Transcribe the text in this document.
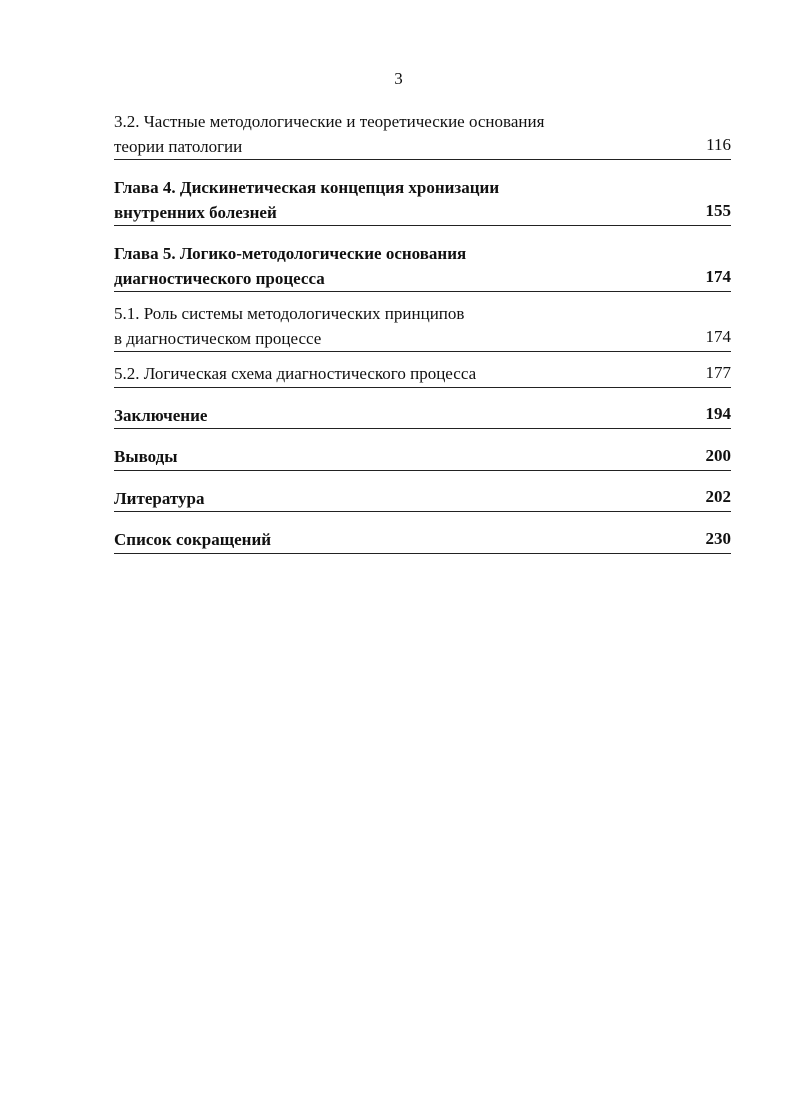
3
3.2. Частные методологические и теоретические основания
теории патологии	116
Глава 4. Дискинетическая концепция хронизации
внутренних болезней	155
Глава 5. Логико-методологические основания
диагностического процесса	174
5.1. Роль системы методологических принципов
в диагностическом процессе	174
5.2. Логическая схема диагностического процесса	177
Заключение	194
Выводы	200
Литература	202
Список сокращений	230
